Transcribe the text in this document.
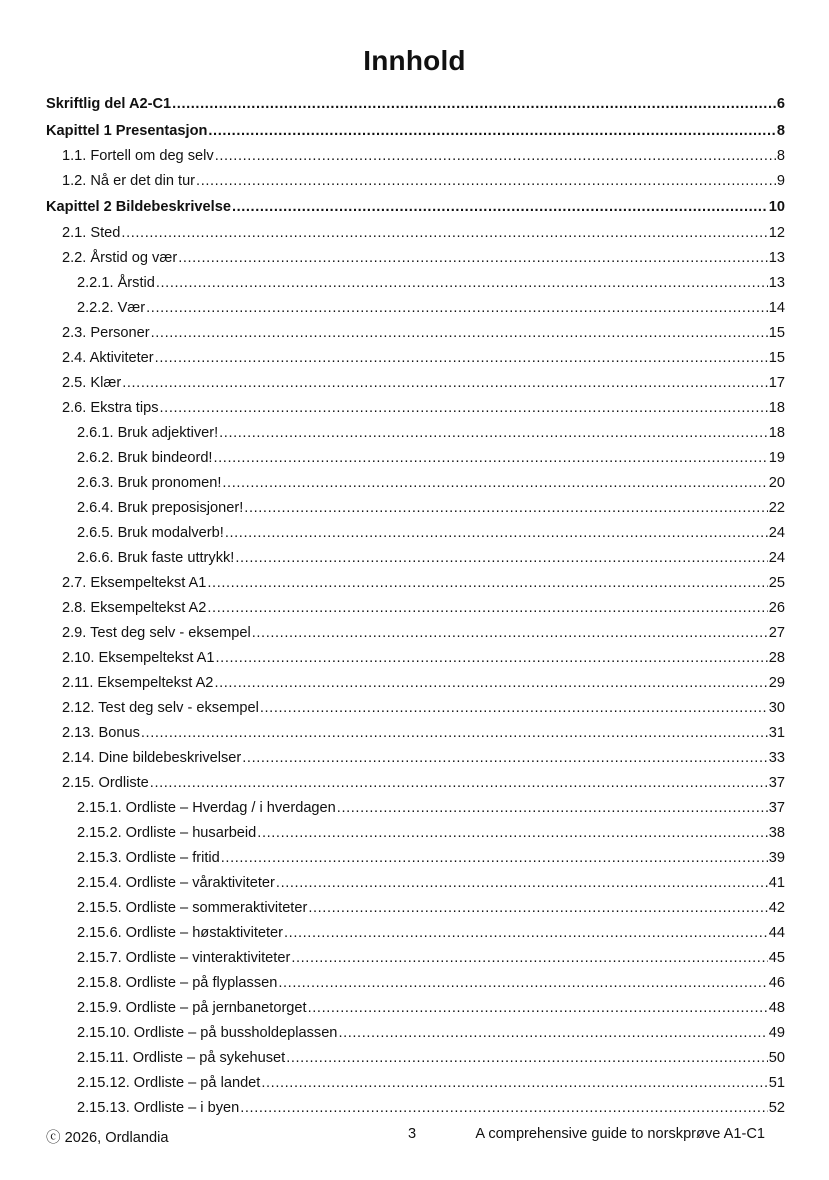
Innhold
Skriftlig del A2-C1 .....	6
Kapittel 1 Presentasjon .....	8
1.1. Fortell om deg selv .....	8
1.2. Nå er det din tur .....	9
Kapittel 2 Bildebeskrivelse .....	10
2.1. Sted .....	12
2.2. Årstid og vær .....	13
2.2.1. Årstid .....	13
2.2.2. Vær .....	14
2.3. Personer .....	15
2.4. Aktiviteter .....	15
2.5. Klær .....	17
2.6. Ekstra tips .....	18
2.6.1. Bruk adjektiver! .....	18
2.6.2. Bruk bindeord! .....	19
2.6.3. Bruk pronomen! .....	20
2.6.4. Bruk preposisjoner! .....	22
2.6.5. Bruk modalverb! .....	24
2.6.6. Bruk faste uttrykk! .....	24
2.7. Eksempeltekst A1 .....	25
2.8. Eksempeltekst A2 .....	26
2.9. Test deg selv - eksempel .....	27
2.10. Eksempeltekst A1 .....	28
2.11. Eksempeltekst A2 .....	29
2.12. Test deg selv - eksempel .....	30
2.13. Bonus .....	31
2.14. Dine bildebeskrivelser .....	33
2.15. Ordliste .....	37
2.15.1. Ordliste – Hverdag / i hverdagen .....	37
2.15.2. Ordliste – husarbeid .....	38
2.15.3. Ordliste – fritid .....	39
2.15.4. Ordliste – våraktiviteter .....	41
2.15.5. Ordliste – sommeraktiviteter .....	42
2.15.6. Ordliste – høstaktiviteter .....	44
2.15.7. Ordliste – vinteraktiviteter .....	45
2.15.8. Ordliste – på flyplassen .....	46
2.15.9. Ordliste – på jernbanetorget .....	48
2.15.10. Ordliste – på bussholdeplassen .....	49
2.15.11. Ordliste – på sykehuset .....	50
2.15.12. Ordliste – på landet .....	51
2.15.13. Ordliste – i byen .....	52
ⓒ 2026, Ordlandia	3	A comprehensive guide to norskprøve A1-C1
